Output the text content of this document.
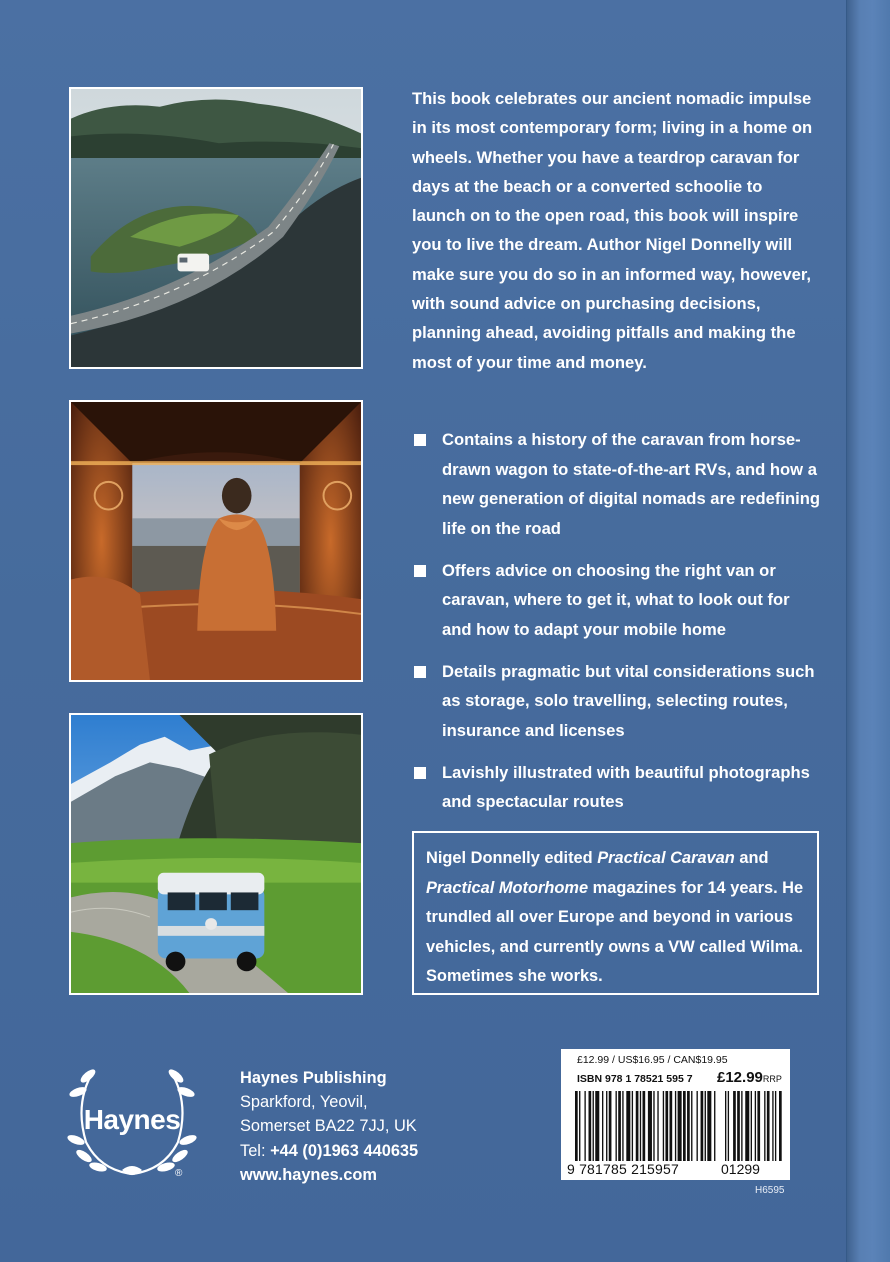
This book celebrates our ancient nomadic impulse in its most contemporary form; living in a home on wheels. Whether you have a teardrop caravan for days at the beach or a converted schoolie to launch on to the open road, this book will inspire you to live the dream. Author Nigel Donnelly will make sure you do so in an informed way, however, with sound advice on purchasing decisions, planning ahead, avoiding pitfalls and making the most of your time and money.

Contains a history of the caravan from horse-drawn wagon to state-of-the-art RVs, and how a new generation of digital nomads are redefining life on the road
Offers advice on choosing the right van or caravan, where to get it, what to look out for and how to adapt your mobile home
Details pragmatic but vital considerations such as storage, solo travelling, selecting routes, insurance and licenses
Lavishly illustrated with beautiful photographs and spectacular routes
Nigel Donnelly edited Practical Caravan and Practical Motorhome magazines for 14 years. He trundled all over Europe and beyond in various vehicles, and currently owns a VW called Wilma. Sometimes she works.
Haynes
®
Haynes Publishing
Sparkford, Yeovil,
Somerset BA22 7JJ, UK
Tel: +44 (0)1963 440635
www.haynes.com
£12.99 / US$16.95 / CAN$19.95
ISBN 978 1 78521 595 7 £12.99RRP
9 781785 215957	01299
H6595
